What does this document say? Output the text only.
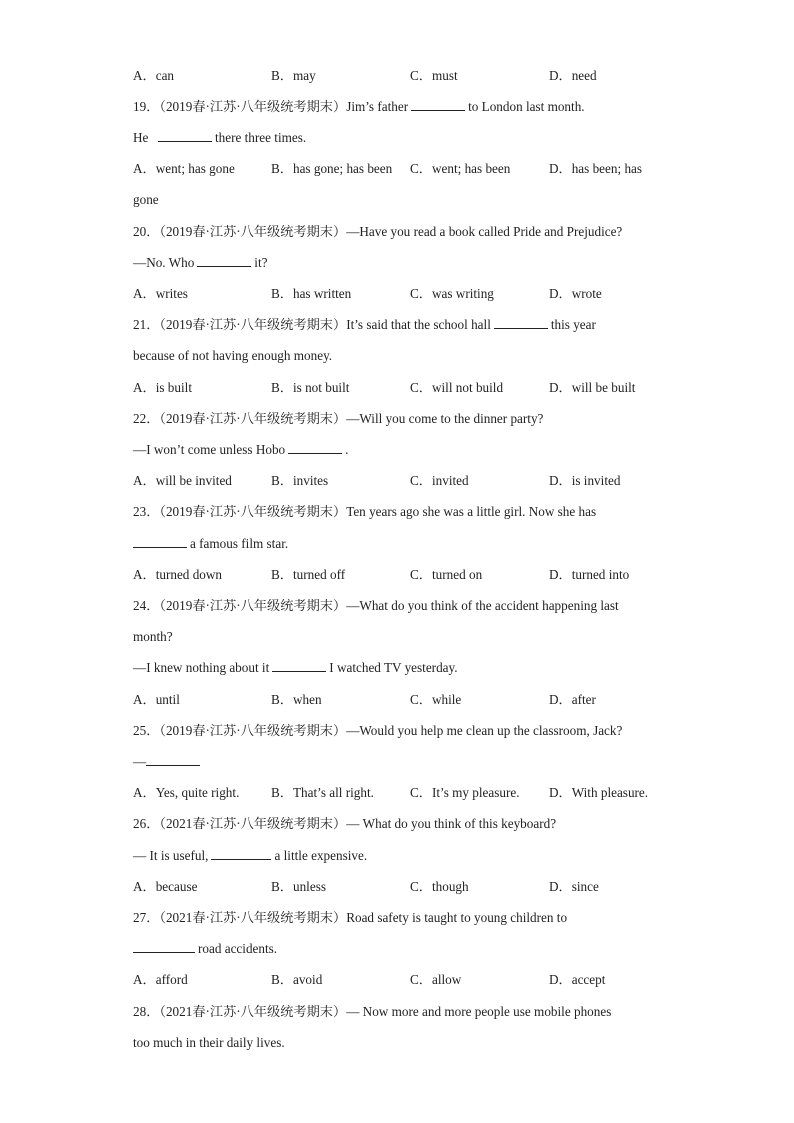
A．can	B．may	C．must	D．need
19．（2019春·江苏·八年级统考期末）Jim’s father	to London last month.
He	there three times.
A．went; has gone	B．has gone; has been C．went; has been	D．has been; has
gone
20．（2019春·江苏·八年级统考期末）—Have you read a book called Pride and Prejudice?
—No. Who	it?
A．writes	B．has written	C．was writing	D．wrote
21．（2019春·江苏·八年级统考期末）It’s said that the school hall	this year
because of not having enough money.
A．is built	B．is not built	C．will not build	D．will be built
22．（2019春·江苏·八年级统考期末）—Will you come to the dinner party?
—I won’t come unless Hobo	.
A．will be invited	B．invites	C．invited	D．is invited
23．（2019春·江苏·八年级统考期末）Ten years ago she was a little girl. Now she has
a famous film star.
A．turned down	B．turned off	C．turned on	D．turned into
24．（2019春·江苏·八年级统考期末）—What do you think of the accident happening last
month?
—I knew nothing about it	I watched TV yesterday.
A．until	B．when	C．while	D．after
25．（2019春·江苏·八年级统考期末）—Would you help me clean up the classroom, Jack?
—
A．Yes, quite right. B．That’s all right.	C．It’s my pleasure. D．With pleasure.
26．（2021春·江苏·八年级统考期末）— What do you think of this keyboard?
— It is useful,	a little expensive.
A．because	B．unless	C．though	D．since
27．（2021春·江苏·八年级统考期末）Road safety is taught to young children to
road accidents.
A．afford	B．avoid	C．allow	D．accept
28．（2021春·江苏·八年级统考期末）— Now more and more people use mobile phones
too much in their daily lives.
